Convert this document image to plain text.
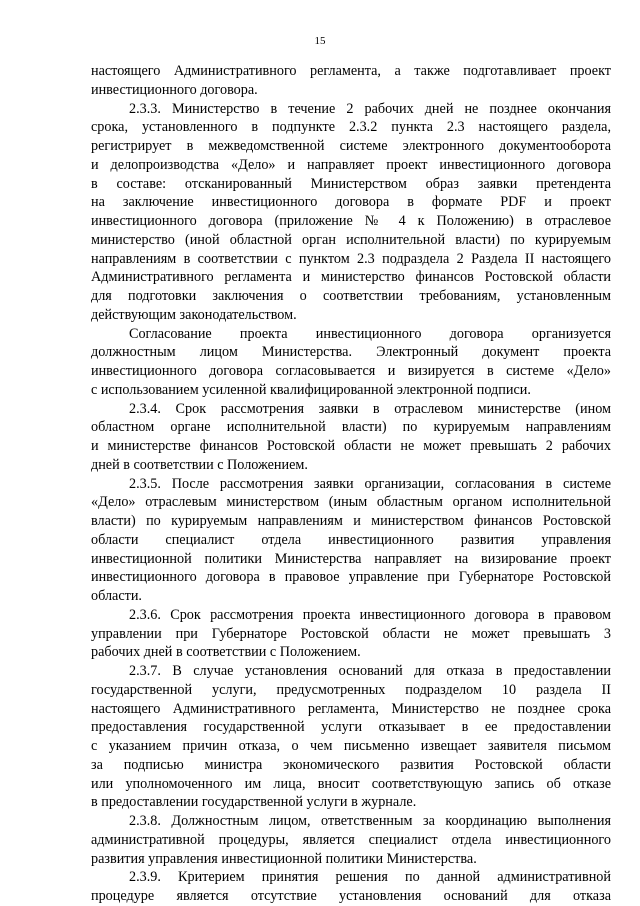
15
настоящего Административного регламента, а также подготавливает проект
инвестиционного договора.
2.3.3. Министерство в течение 2 рабочих дней не позднее окончания
срока, установленного в подпункте 2.3.2 пункта 2.3 настоящего раздела,
регистрирует в межведомственной системе электронного документооборота
и делопроизводства «Дело» и направляет проект инвестиционного договора
в составе: отсканированный Министерством образ заявки претендента
на заключение инвестиционного договора в формате PDF и проект
инвестиционного договора (приложение № 4 к Положению) в отраслевое
министерство (иной областной орган исполнительной власти) по курируемым
направлениям в соответствии с пунктом 2.3 подраздела 2 Раздела II настоящего
Административного регламента и министерство финансов Ростовской области
для подготовки заключения о соответствии требованиям, установленным
действующим законодательством.
Согласование проекта инвестиционного договора организуется
должностным лицом Министерства. Электронный документ проекта
инвестиционного договора согласовывается и визируется в системе «Дело»
с использованием усиленной квалифицированной электронной подписи.
2.3.4. Срок рассмотрения заявки в отраслевом министерстве (ином
областном органе исполнительной власти) по курируемым направлениям
и министерстве финансов Ростовской области не может превышать 2 рабочих
дней в соответствии с Положением.
2.3.5. После рассмотрения заявки организации, согласования в системе
«Дело» отраслевым министерством (иным областным органом исполнительной
власти) по курируемым направлениям и министерством финансов Ростовской
области специалист отдела инвестиционного развития управления
инвестиционной политики Министерства направляет на визирование проект
инвестиционного договора в правовое управление при Губернаторе Ростовской
области.
2.3.6. Срок рассмотрения проекта инвестиционного договора в правовом
управлении при Губернаторе Ростовской области не может превышать 3
рабочих дней в соответствии с Положением.
2.3.7. В случае установления оснований для отказа в предоставлении
государственной услуги, предусмотренных подразделом 10 раздела II
настоящего Административного регламента, Министерство не позднее срока
предоставления государственной услуги отказывает в ее предоставлении
с указанием причин отказа, о чем письменно извещает заявителя письмом
за подписью министра экономического развития Ростовской области
или уполномоченного им лица, вносит соответствующую запись об отказе
в предоставлении государственной услуги в журнале.
2.3.8. Должностным лицом, ответственным за координацию выполнения
административной процедуры, является специалист отдела инвестиционного
развития управления инвестиционной политики Министерства.
2.3.9. Критерием принятия решения по данной административной
процедуре является отсутствие установления оснований для отказа
